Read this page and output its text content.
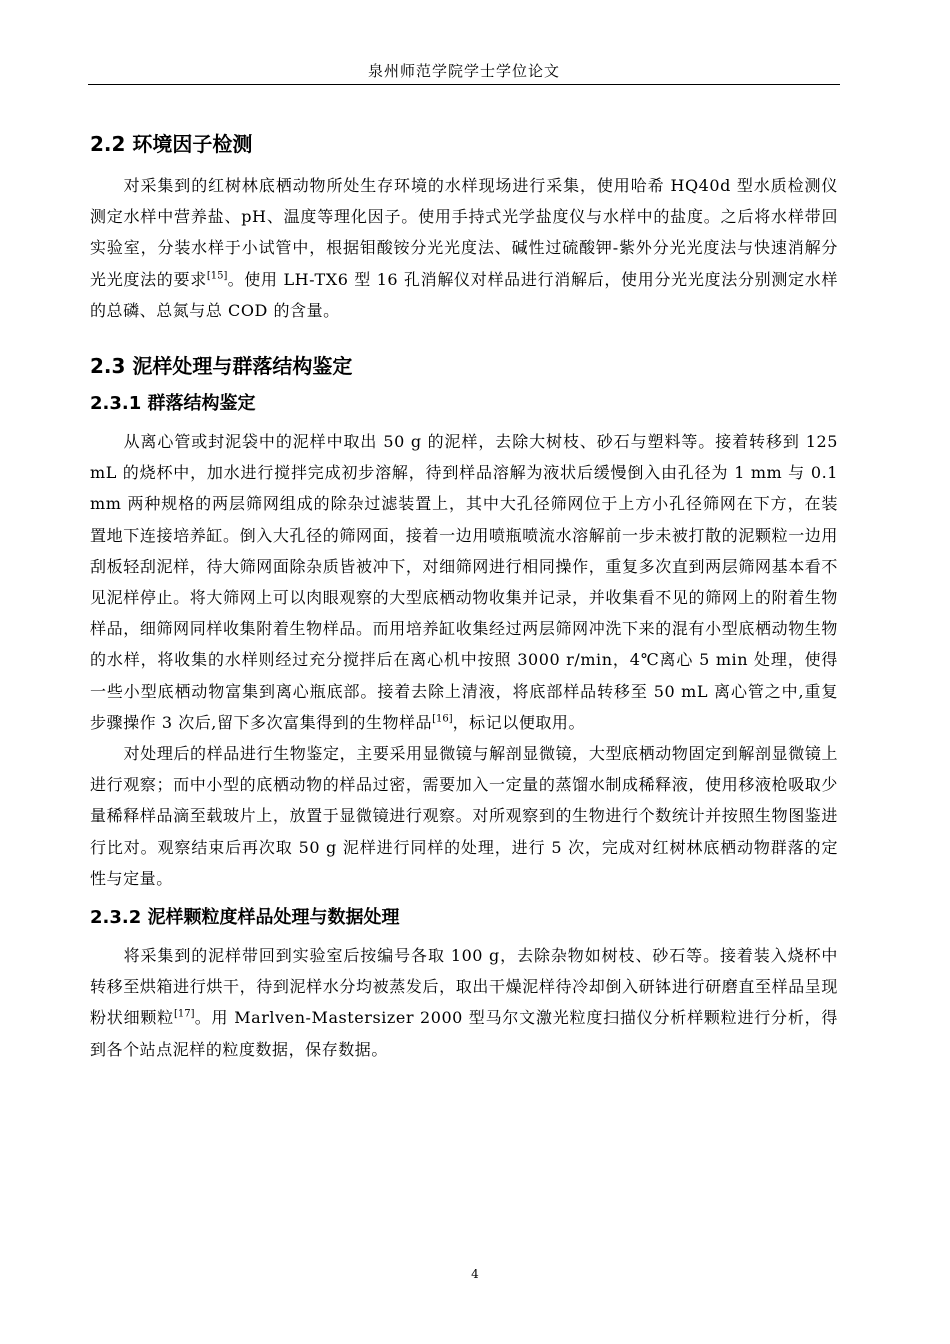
泉州师范学院学士学位论文
2.2 环境因子检测

对采集到的红树林底栖动物所处生存环境的水样现场进行采集，使用哈希 HQ40d 型水质检测仪测定水样中营养盐、pH、温度等理化因子。使用手持式光学盐度仪与水样中的盐度。之后将水样带回实验室，分装水样于小试管中，根据钼酸铵分光光度法、碱性过硫酸钾-紫外分光光度法与快速消解分光光度法的要求[15]。使用 LH-TX6 型 16 孔消解仪对样品进行消解后，使用分光光度法分别测定水样的总磷、总氮与总 COD 的含量。

2.3 泥样处理与群落结构鉴定
2.3.1 群落结构鉴定

从离心管或封泥袋中的泥样中取出 50 g 的泥样，去除大树枝、砂石与塑料等。接着转移到 125 mL 的烧杯中，加水进行搅拌完成初步溶解，待到样品溶解为液状后缓慢倒入由孔径为 1 mm 与 0.1 mm 两种规格的两层筛网组成的除杂过滤装置上，其中大孔径筛网位于上方小孔径筛网在下方，在装置地下连接培养缸。倒入大孔径的筛网面，接着一边用喷瓶喷流水溶解前一步未被打散的泥颗粒一边用刮板轻刮泥样，待大筛网面除杂质皆被冲下，对细筛网进行相同操作，重复多次直到两层筛网基本看不见泥样停止。将大筛网上可以肉眼观察的大型底栖动物收集并记录，并收集看不见的筛网上的附着生物样品，细筛网同样收集附着生物样品。而用培养缸收集经过两层筛网冲洗下来的混有小型底栖动物生物的水样，将收集的水样则经过充分搅拌后在离心机中按照 3000 r/min，4℃离心 5 min 处理，使得一些小型底栖动物富集到离心瓶底部。接着去除上清液，将底部样品转移至 50 mL 离心管之中,重复步骤操作 3 次后,留下多次富集得到的生物样品[16]，标记以便取用。

对处理后的样品进行生物鉴定，主要采用显微镜与解剖显微镜，大型底栖动物固定到解剖显微镜上进行观察；而中小型的底栖动物的样品过密，需要加入一定量的蒸馏水制成稀释液，使用移液枪吸取少量稀释样品滴至载玻片上，放置于显微镜进行观察。对所观察到的生物进行个数统计并按照生物图鉴进行比对。观察结束后再次取 50 g 泥样进行同样的处理，进行 5 次，完成对红树林底栖动物群落的定性与定量。

2.3.2 泥样颗粒度样品处理与数据处理

将采集到的泥样带回到实验室后按编号各取 100 g，去除杂物如树枝、砂石等。接着装入烧杯中转移至烘箱进行烘干，待到泥样水分均被蒸发后，取出干燥泥样待冷却倒入研钵进行研磨直至样品呈现粉状细颗粒[17]。用 Marlven-Mastersizer 2000 型马尔文激光粒度扫描仪分析样颗粒进行分析，得到各个站点泥样的粒度数据，保存数据。

4
